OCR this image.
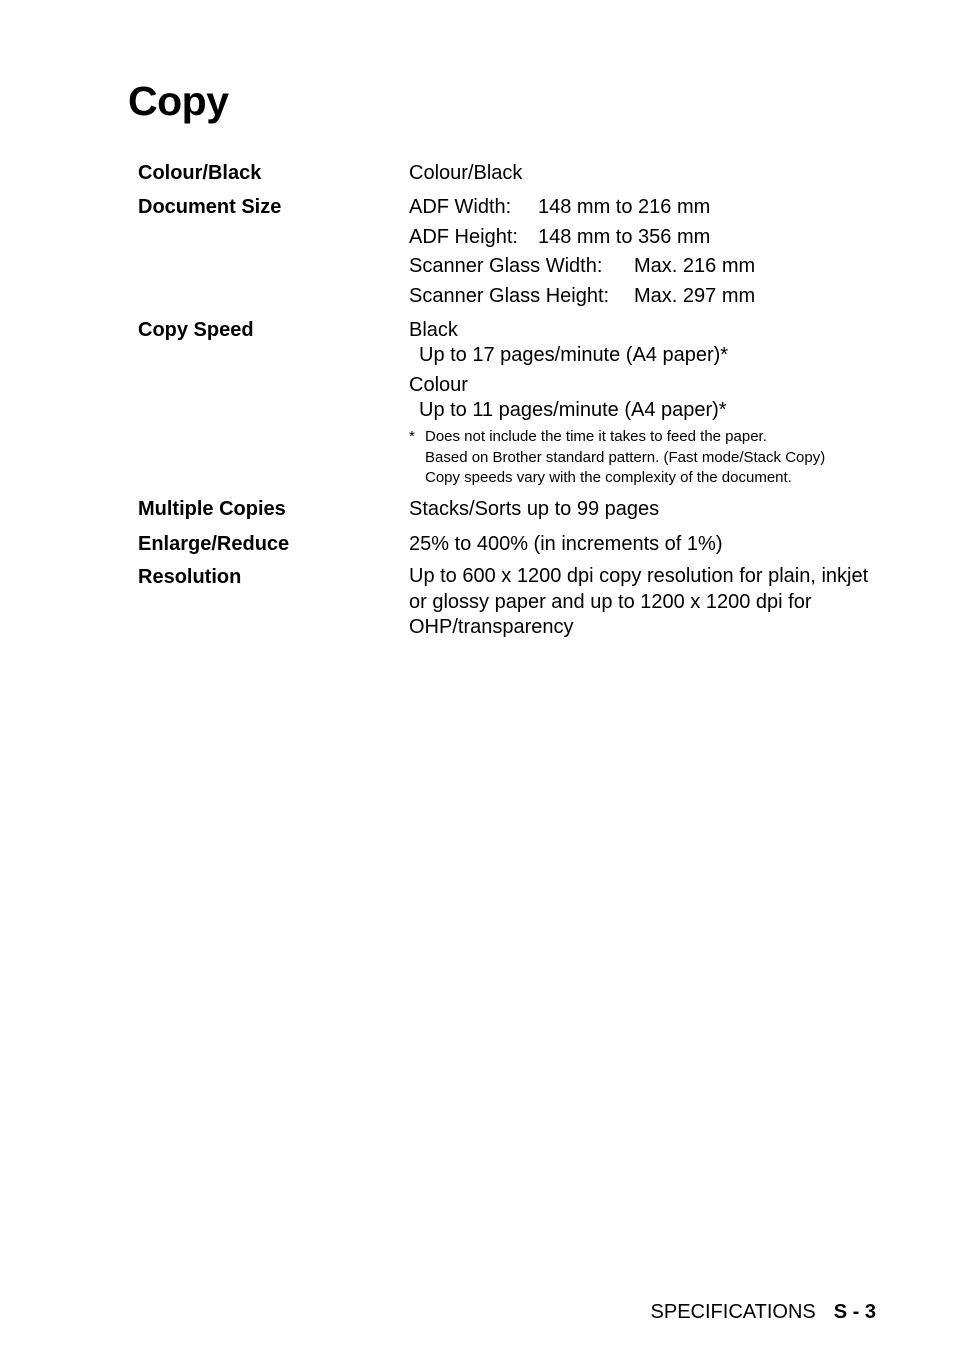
Copy
Colour/Black	Colour/Black
Document Size	ADF Width: 148 mm to 216 mm
ADF Height: 148 mm to 356 mm
Scanner Glass Width: Max. 216 mm
Scanner Glass Height: Max. 297 mm
Copy Speed	Black
Up to 17 pages/minute (A4 paper)*
Colour
Up to 11 pages/minute (A4 paper)*
* Does not include the time it takes to feed the paper.
Based on Brother standard pattern. (Fast mode/Stack Copy)
Copy speeds vary with the complexity of the document.
Multiple Copies	Stacks/Sorts up to 99 pages
Enlarge/Reduce	25% to 400% (in increments of 1%)
Resolution	Up to 600 x 1200 dpi copy resolution for plain, inkjet
or glossy paper and up to 1200 x 1200 dpi for
OHP/transparency
SPECIFICATIONS S - 3
